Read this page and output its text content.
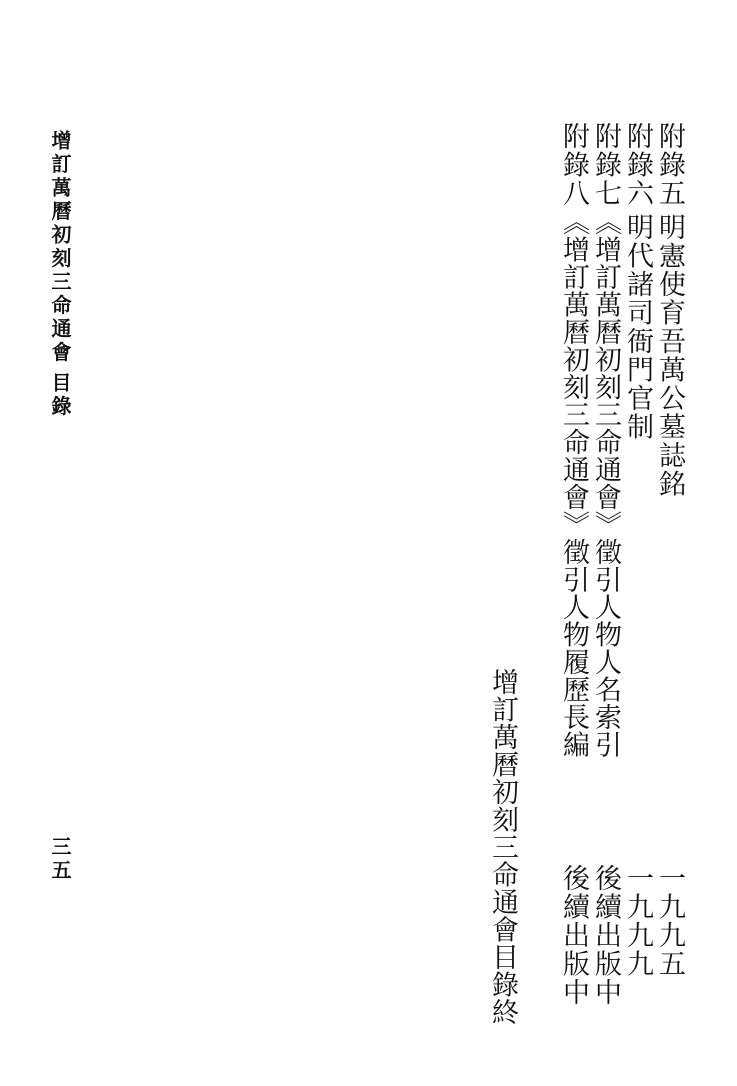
增訂萬曆初刻三命通會
目錄
三五
附錄五
明憲使育吾萬公墓誌銘
一九九五
附錄六
明代諸司衙門官制
一九九九
附錄七
《增訂萬曆初刻三命通會》徵引人物人名索引
後續出版中
附錄八
《增訂萬曆初刻三命通會》徵引人物履歷長編
後續出版中
增訂萬曆初刻三命通會目錄終
